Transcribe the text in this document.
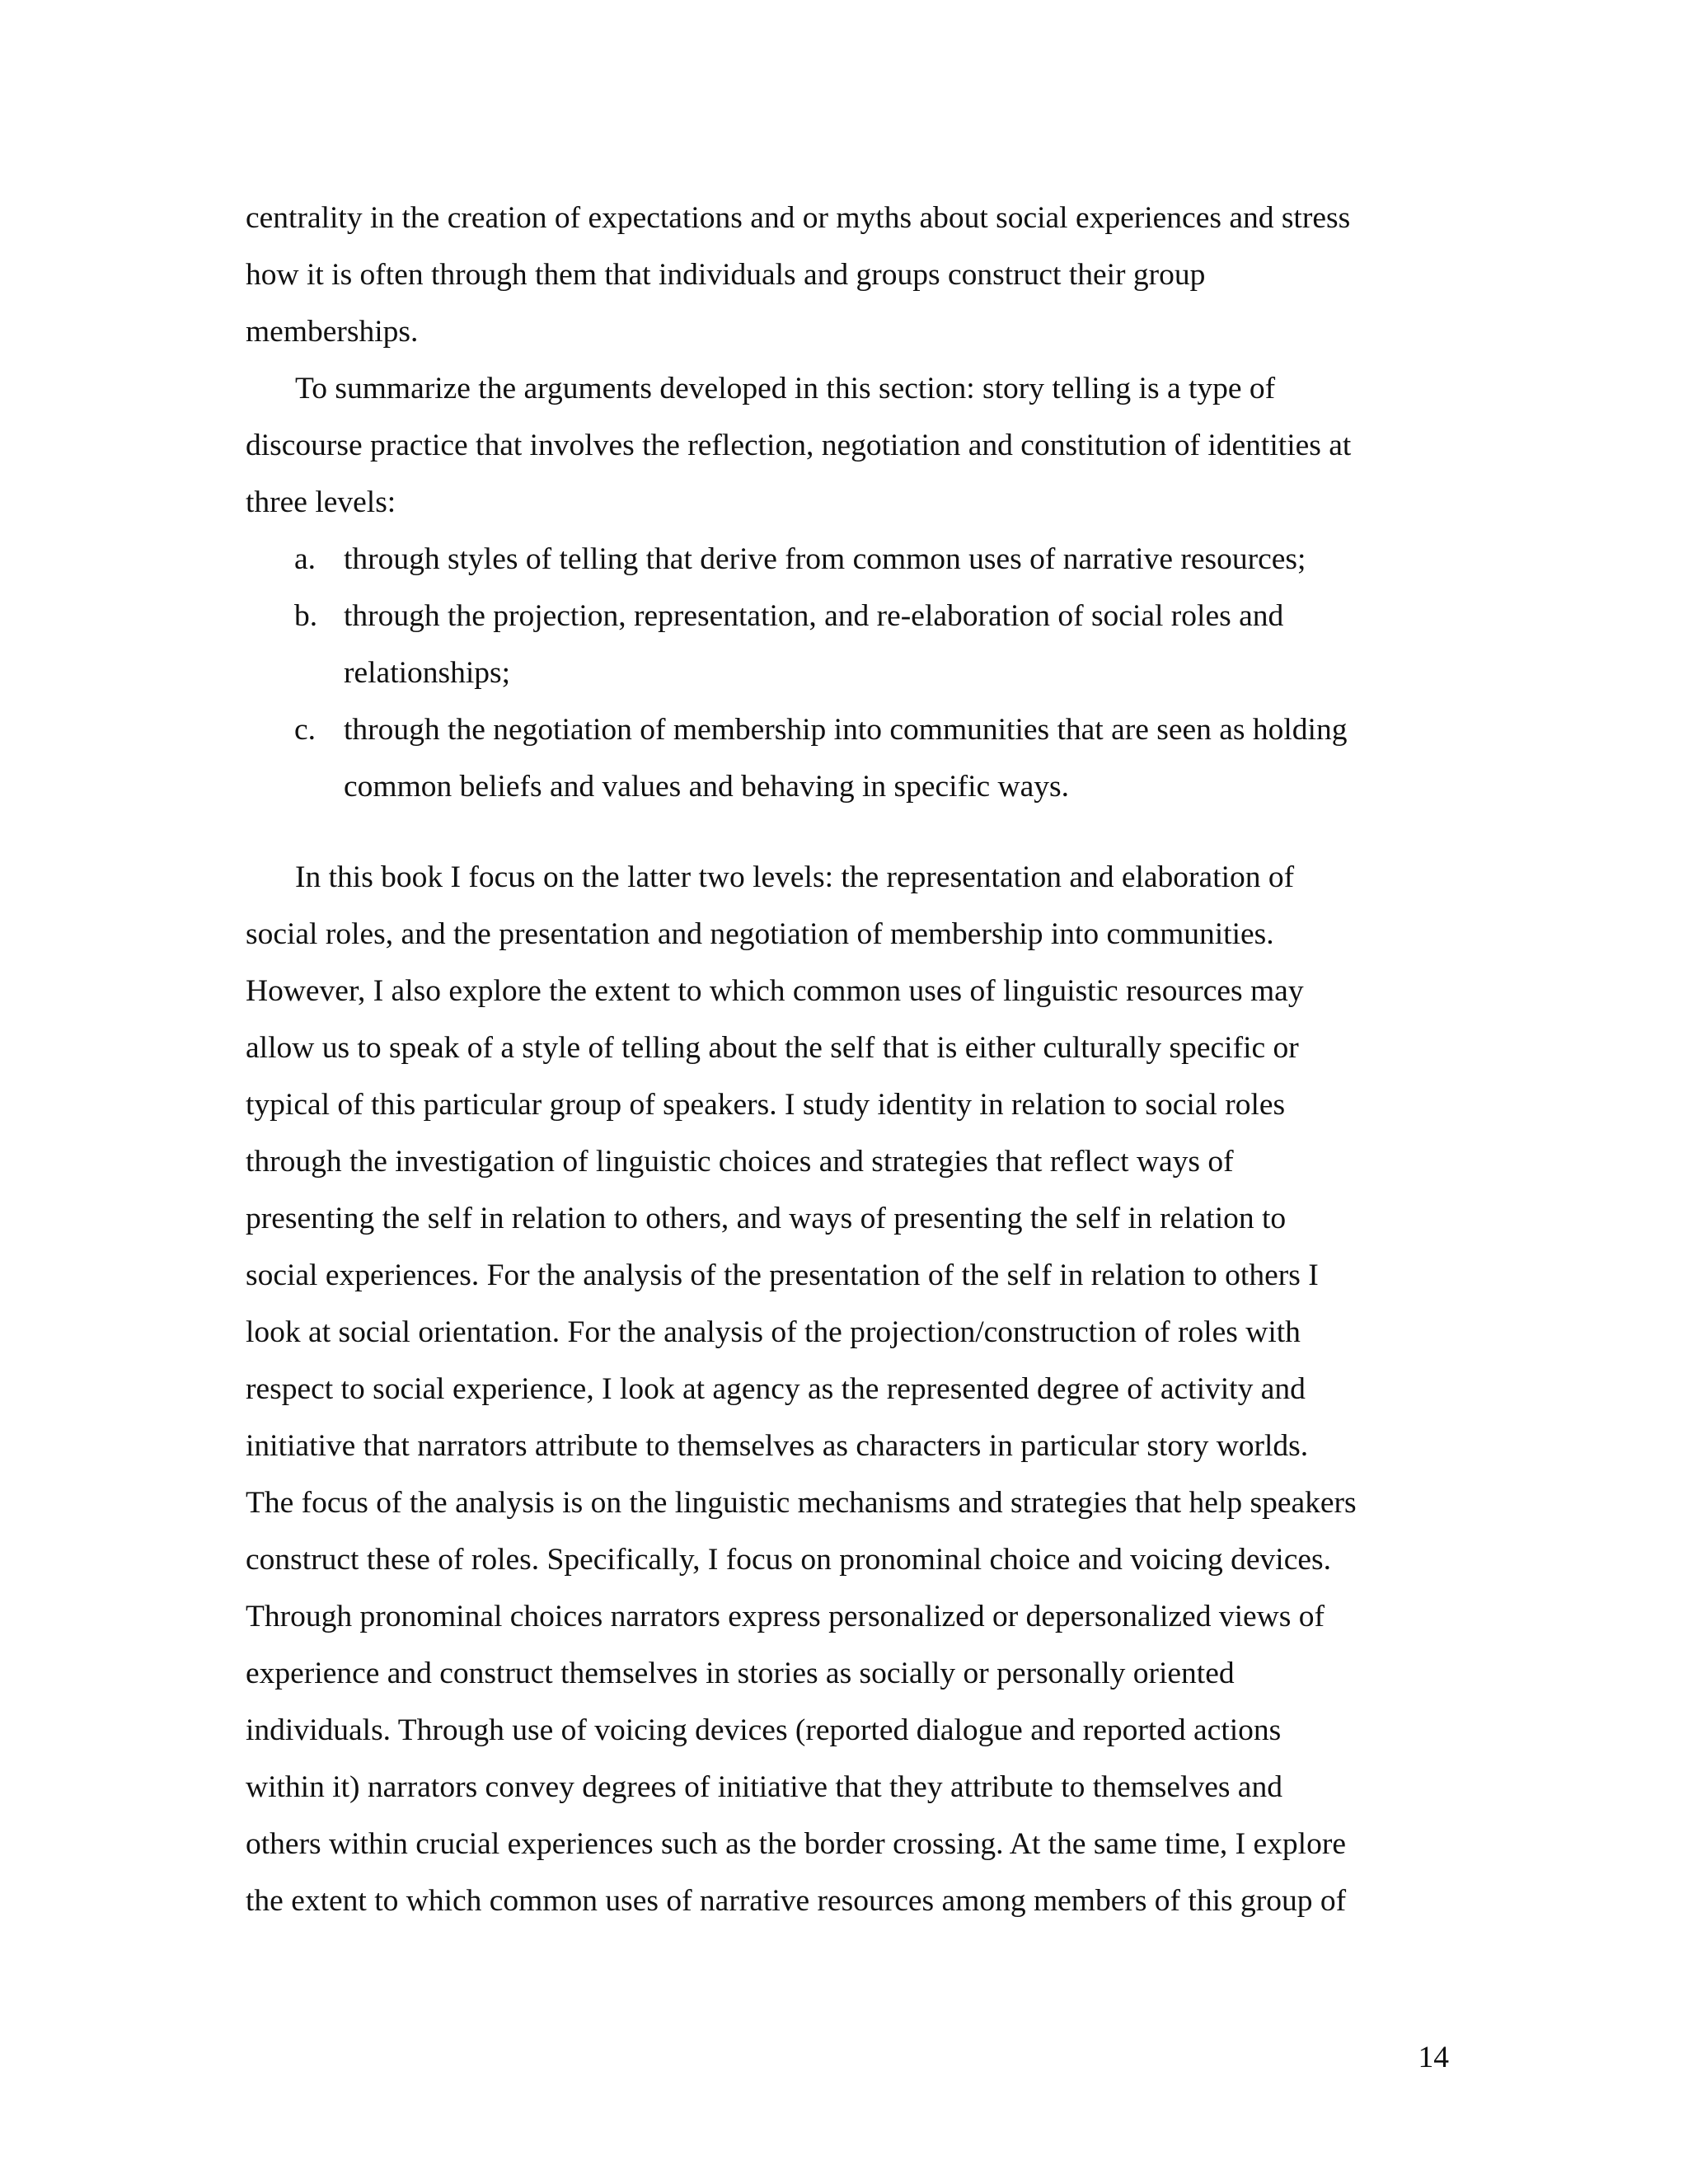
centrality in the creation of expectations and or myths about social experiences and stress
how it is often through them that individuals and groups construct their group
memberships.
To summarize the arguments developed in this section: story telling is a type of
discourse practice that involves the reflection, negotiation and constitution of identities at
three levels:
a. through styles of telling that derive from common uses of narrative resources;
b. through the projection, representation, and re-elaboration of social roles and
relationships;
c. through the negotiation of membership into communities that are seen as holding
common beliefs and values and behaving in specific ways.
In this book I focus on the latter two levels: the representation and elaboration of
social roles, and the presentation and negotiation of membership into communities.
However, I also explore the extent to which common uses of linguistic resources may
allow us to speak of a style of telling about the self that is either culturally specific or
typical of this particular group of speakers. I study identity in relation to social roles
through the investigation of linguistic choices and strategies that reflect ways of
presenting the self in relation to others, and ways of presenting the self in relation to
social experiences. For the analysis of the presentation of the self in relation to others I
look at social orientation. For the analysis of the projection/construction of roles with
respect to social experience, I look at agency as the represented degree of activity and
initiative that narrators attribute to themselves as characters in particular story worlds.
The focus of the analysis is on the linguistic mechanisms and strategies that help speakers
construct these of roles. Specifically, I focus on pronominal choice and voicing devices.
Through pronominal choices narrators express personalized or depersonalized views of
experience and construct themselves in stories as socially or personally oriented
individuals. Through use of voicing devices (reported dialogue and reported actions
within it) narrators convey degrees of initiative that they attribute to themselves and
others within crucial experiences such as the border crossing. At the same time, I explore
the extent to which common uses of narrative resources among members of this group of
14
